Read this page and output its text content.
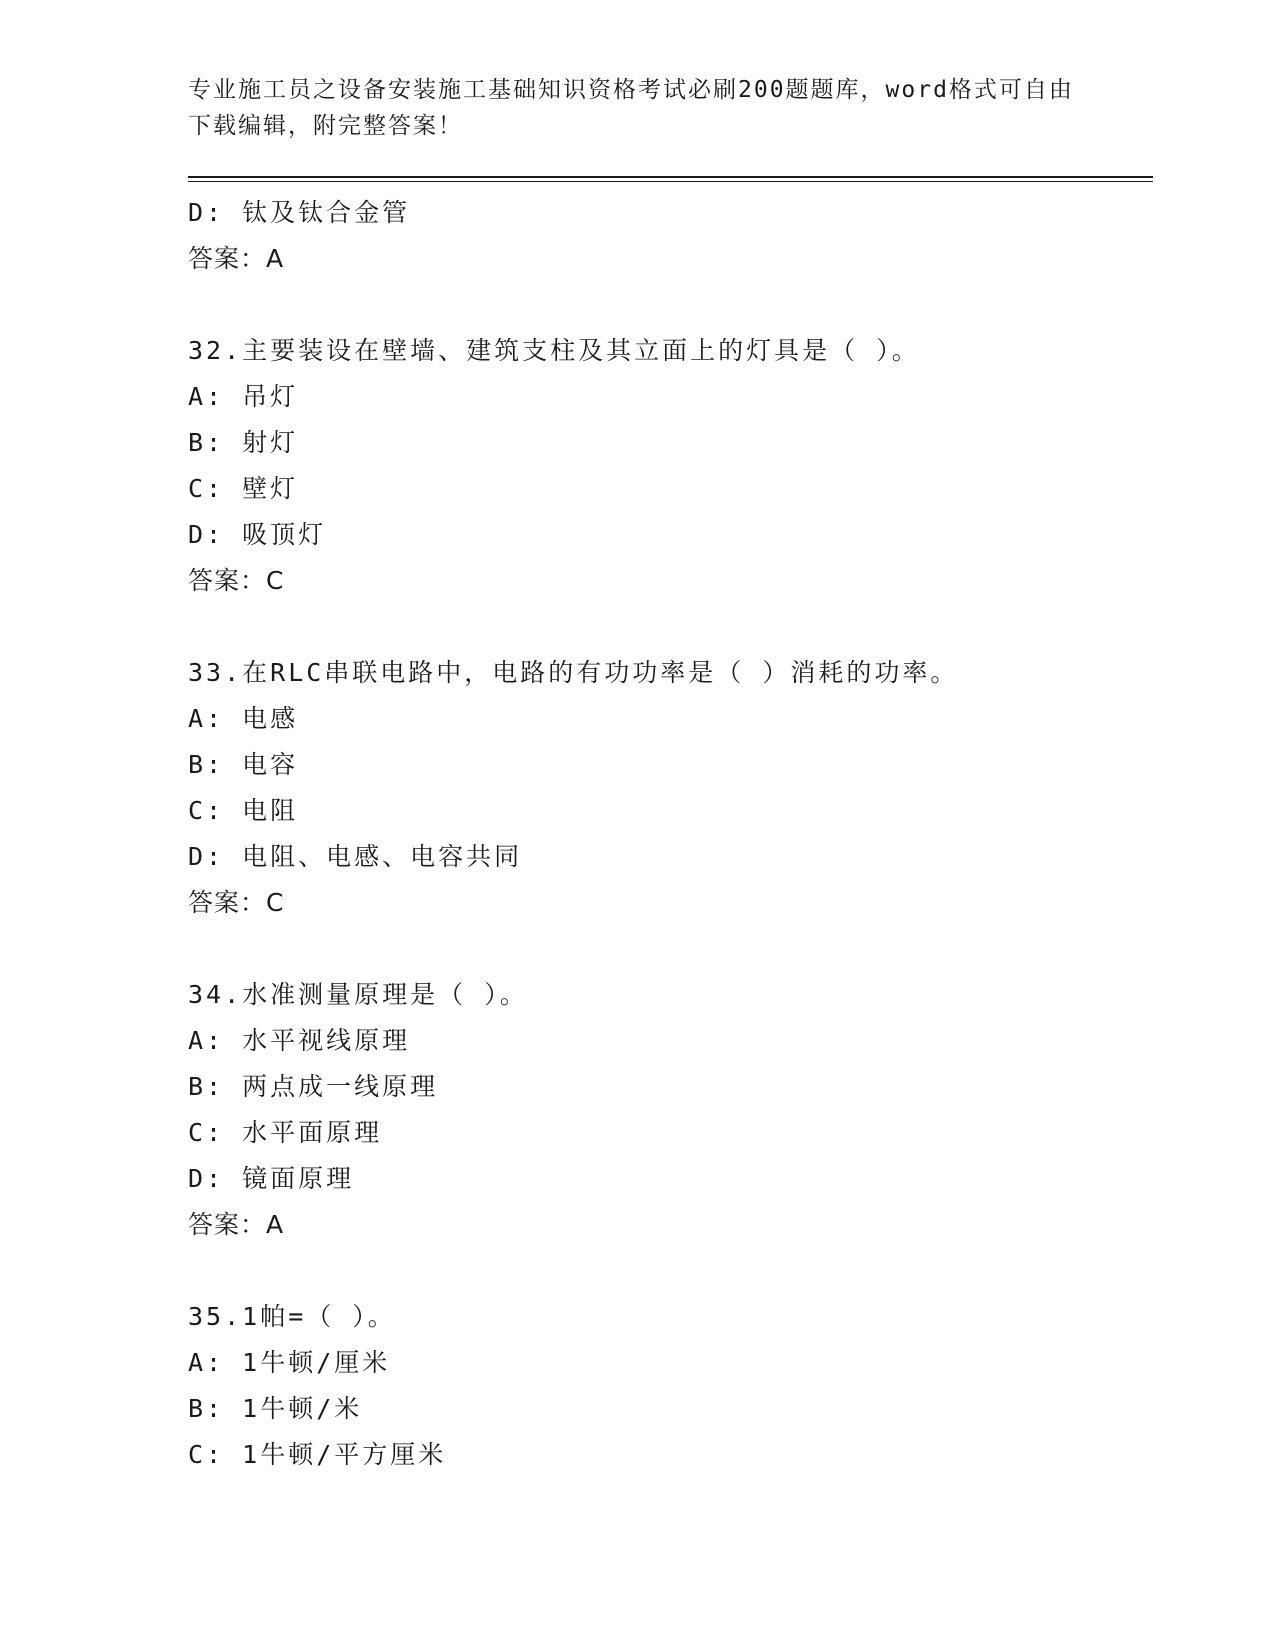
专业施工员之设备安装施工基础知识资格考试必刷200题题库，word格式可自由

下载编辑，附完整答案！

D: 钛及钛合金管
答案：A
32.主要装设在壁墙、建筑支柱及其立面上的灯具是（ ）。
A: 吊灯
B: 射灯
C: 壁灯
D: 吸顶灯
答案：C
33.在RLC串联电路中，电路的有功功率是（ ）消耗的功率。
A: 电感
B: 电容
C: 电阻
D: 电阻、电感、电容共同
答案：C
34.水准测量原理是（ ）。
A: 水平视线原理
B: 两点成一线原理
C: 水平面原理
D: 镜面原理
答案：A
35.1帕=（ ）。
A: 1牛顿/厘米
B: 1牛顿/米
C: 1牛顿/平方厘米
